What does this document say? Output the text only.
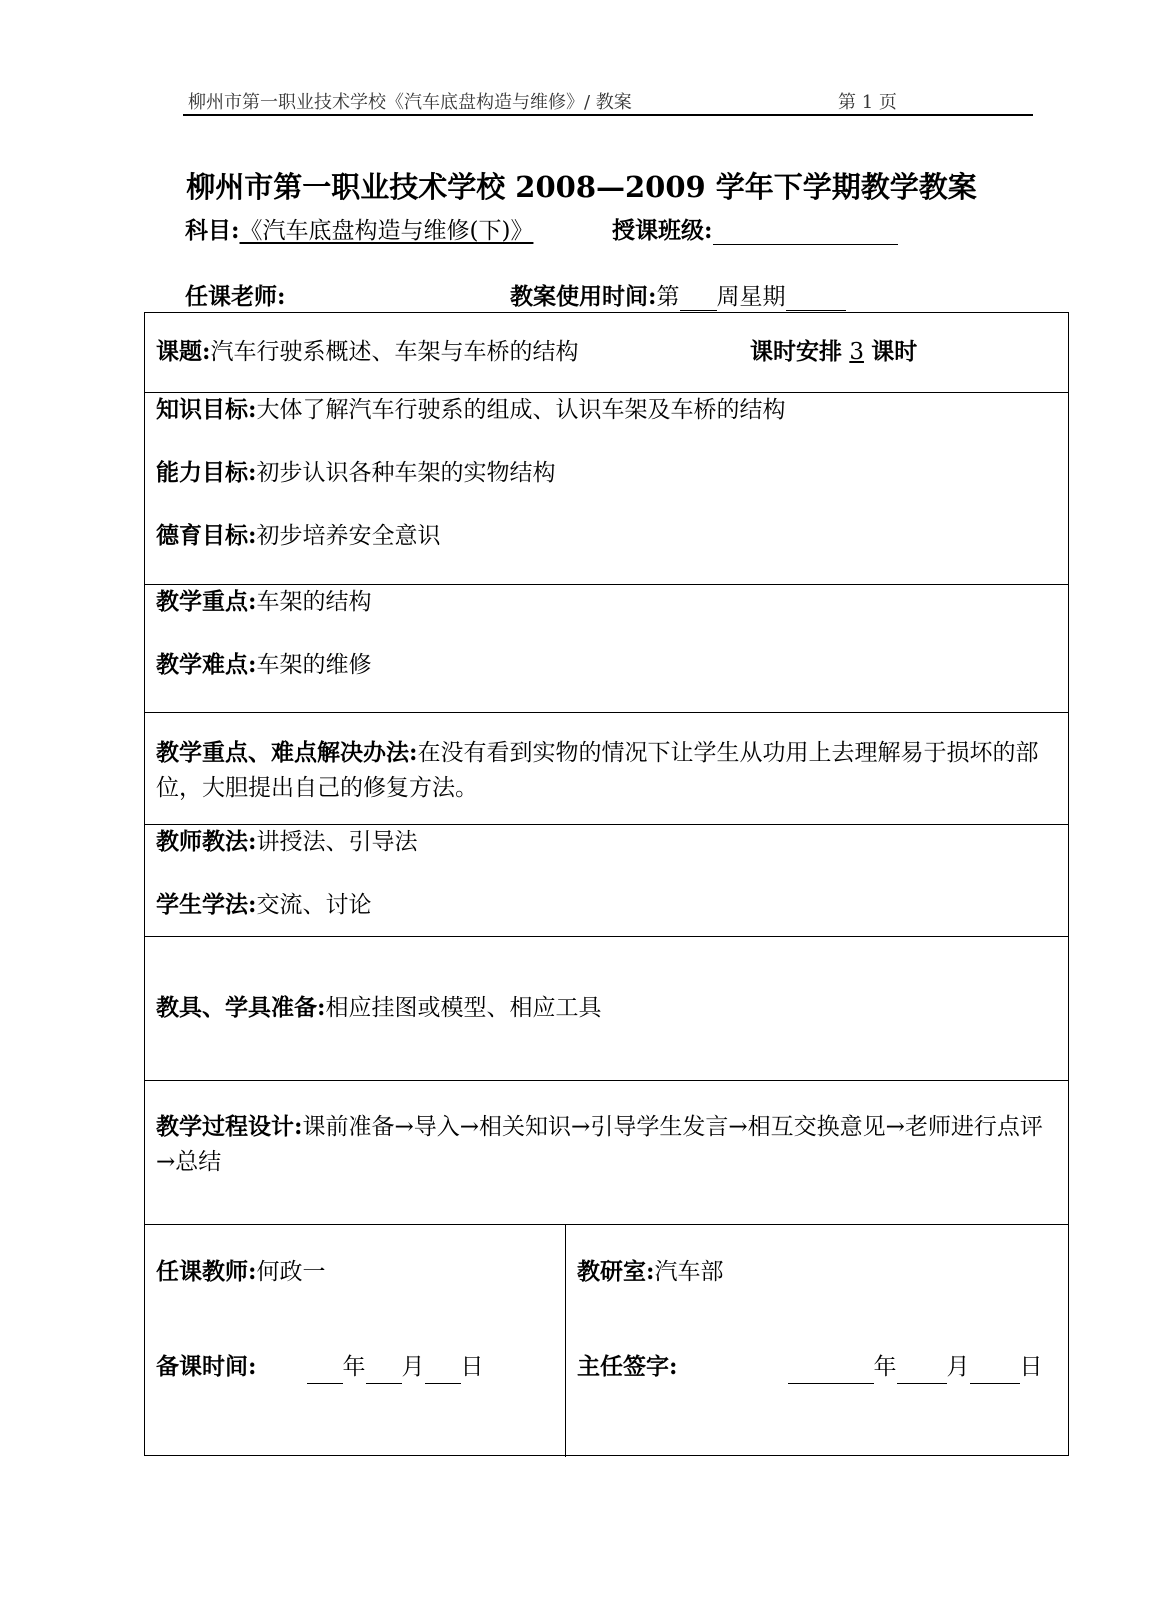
柳州市第一职业技术学校《汽车底盘构造与维修》/ 教案	第 1 页
柳州市第一职业技术学校 2008—2009 学年下学期教学教案
科目:《汽车底盘构造与维修(下)》	授课班级:
任课老师:	教案使用时间:第 周星期
课题:汽车行驶系概述、车架与车桥的结构	课时安排 3 课时
知识目标:大体了解汽车行驶系的组成、认识车架及车桥的结构
能力目标:初步认识各种车架的实物结构
德育目标:初步培养安全意识
教学重点:车架的结构
教学难点:车架的维修
教学重点、难点解决办法:在没有看到实物的情况下让学生从功用上去理解易于损坏的部位，大胆提出自己的修复方法。
教师教法:讲授法、引导法
学生学法:交流、讨论
教具、学具准备:相应挂图或模型、相应工具
教学过程设计:课前准备→导入→相关知识→引导学生发言→相互交换意见→老师进行点评→总结
任课教师:何政一	教研室:汽车部
备课时间:	年 月 日	主任签字:	年 月 日
